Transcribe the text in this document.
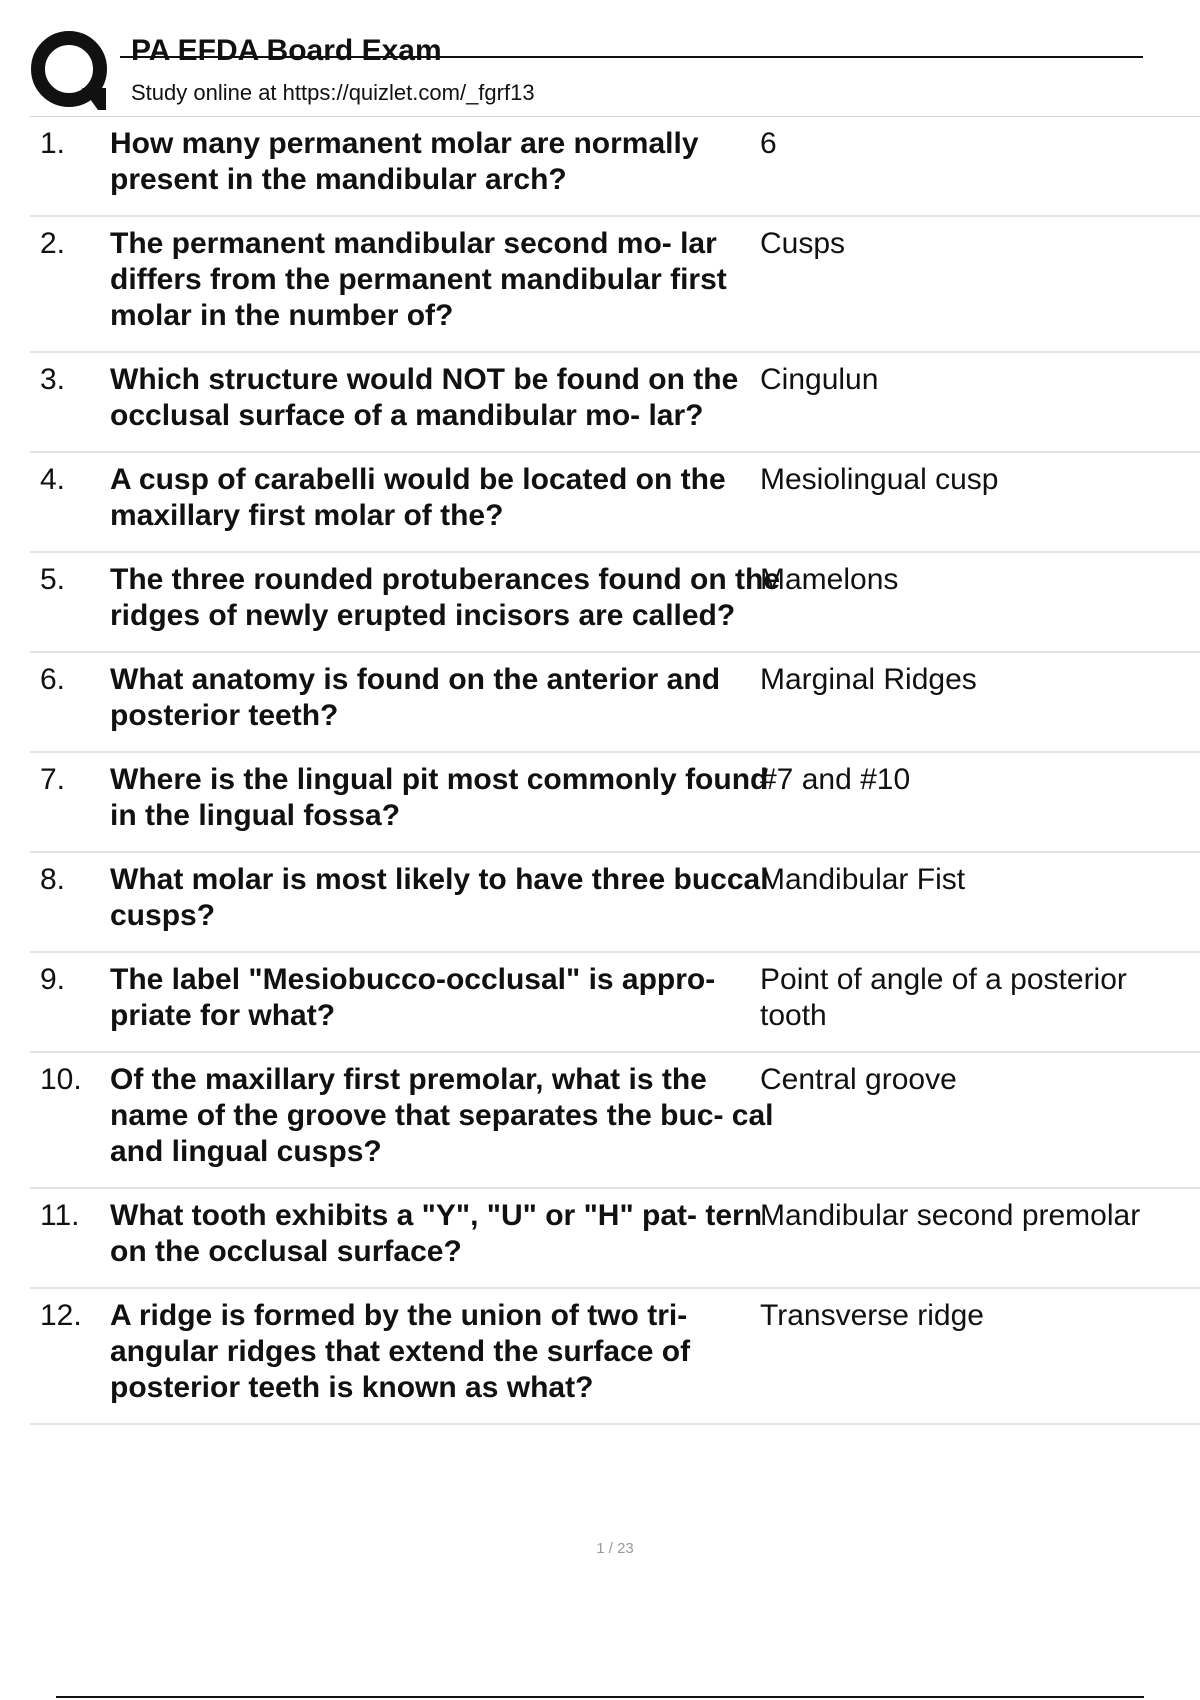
PA EFDA Board Exam
Study online at https://quizlet.com/_fgrf13
1. How many permanent molar are normally present in the mandibular arch?
6
2. The permanent mandibular second mo- lar differs from the permanent mandibular first molar in the number of?
Cusps
3. Which structure would NOT be found on the occlusal surface of a mandibular mo- lar?
Cingulun
4. A cusp of carabelli would be located on the maxillary first molar of the?
Mesiolingual cusp
5. The three rounded protuberances found on the ridges of newly erupted incisors are called?
Mamelons
6. What anatomy is found on the anterior and posterior teeth?
Marginal Ridges
7. Where is the lingual pit most commonly found in the lingual fossa?
#7 and #10
8. What molar is most likely to have three buccal cusps?
Mandibular Fist
9. The label "Mesiobucco-occlusal" is appro- priate for what?
Point of angle of a posterior tooth
10. Of the maxillary first premolar, what is the name of the groove that separates the buc- cal and lingual cusps?
Central groove
11. What tooth exhibits a "Y", "U" or "H" pat- tern on the occlusal surface?
Mandibular second premolar
12. A ridge is formed by the union of two tri- angular ridges that extend the surface of posterior teeth is known as what?
Transverse ridge
1 / 23
